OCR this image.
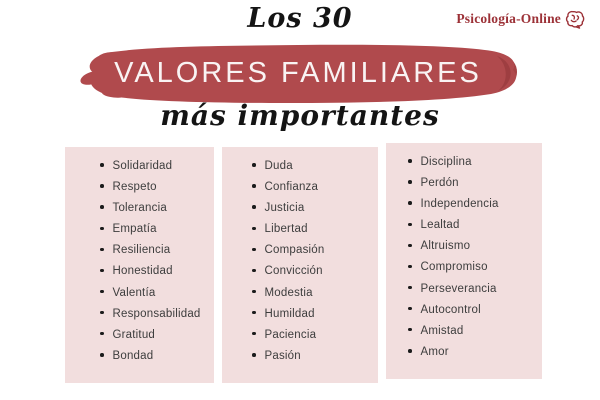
Psicología-Online
Los 30
VALORES FAMILIARES
más importantes
Solidaridad
Respeto
Tolerancia
Empatía
Resiliencia
Honestidad
Valentía
Responsabilidad
Gratitud
Bondad
Duda
Confianza
Justicia
Libertad
Compasión
Convicción
Modestia
Humildad
Paciencia
Pasión
Disciplina
Perdón
Independencia
Lealtad
Altruismo
Compromiso
Perseverancia
Autocontrol
Amistad
Amor
